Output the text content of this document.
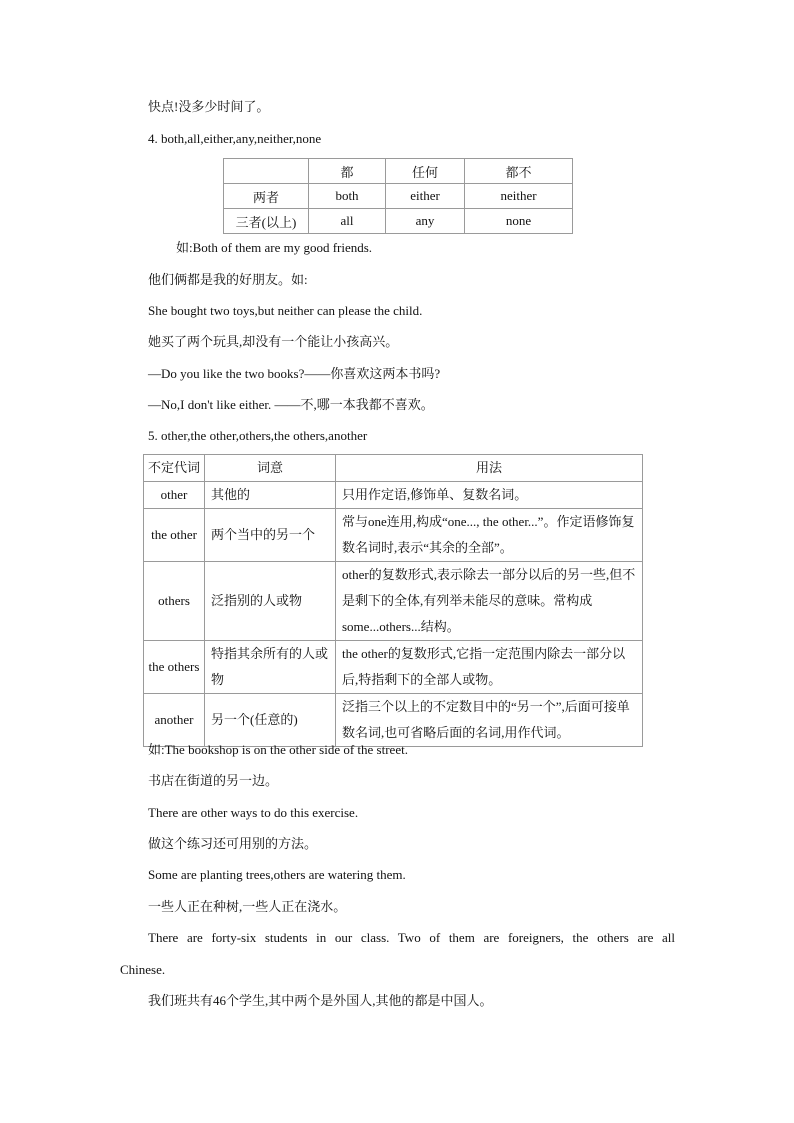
快点!没多少时间了。
4. both,all,either,any,neither,none
	都	任何	都不
两者	both	either	neither
三者(以上)	all	any	none
如:Both of them are my good friends.
他们俩都是我的好朋友。如:
She bought two toys,but neither can please the child.
她买了两个玩具,却没有一个能让小孩高兴。
—Do you like the two books?——你喜欢这两本书吗?
—No,I don't like either. ——不,哪一本我都不喜欢。
5. other,the other,others,the others,another
不定代词	词意	用法
other	其他的	只用作定语,修饰单、复数名词。
the other	两个当中的另一个	常与one连用,构成“one..., the other...”。作定语修饰复数名词时,表示“其余的全部”。
others	泛指别的人或物	other的复数形式,表示除去一部分以后的另一些,但不是剩下的全体,有列举未能尽的意味。常构成some...others...结构。
the others	特指其余所有的人或物	the other的复数形式,它指一定范围内除去一部分以后,特指剩下的全部人或物。
another	另一个(任意的)	泛指三个以上的不定数目中的“另一个”,后面可接单数名词,也可省略后面的名词,用作代词。
如:The bookshop is on the other side of the street.
书店在街道的另一边。
There are other ways to do this exercise.
做这个练习还可用别的方法。
Some are planting trees,others are watering them.
一些人正在种树,一些人正在浇水。
There are forty-six students in our class. Two of them are foreigners, the others are all
Chinese.
我们班共有46个学生,其中两个是外国人,其他的都是中国人。
